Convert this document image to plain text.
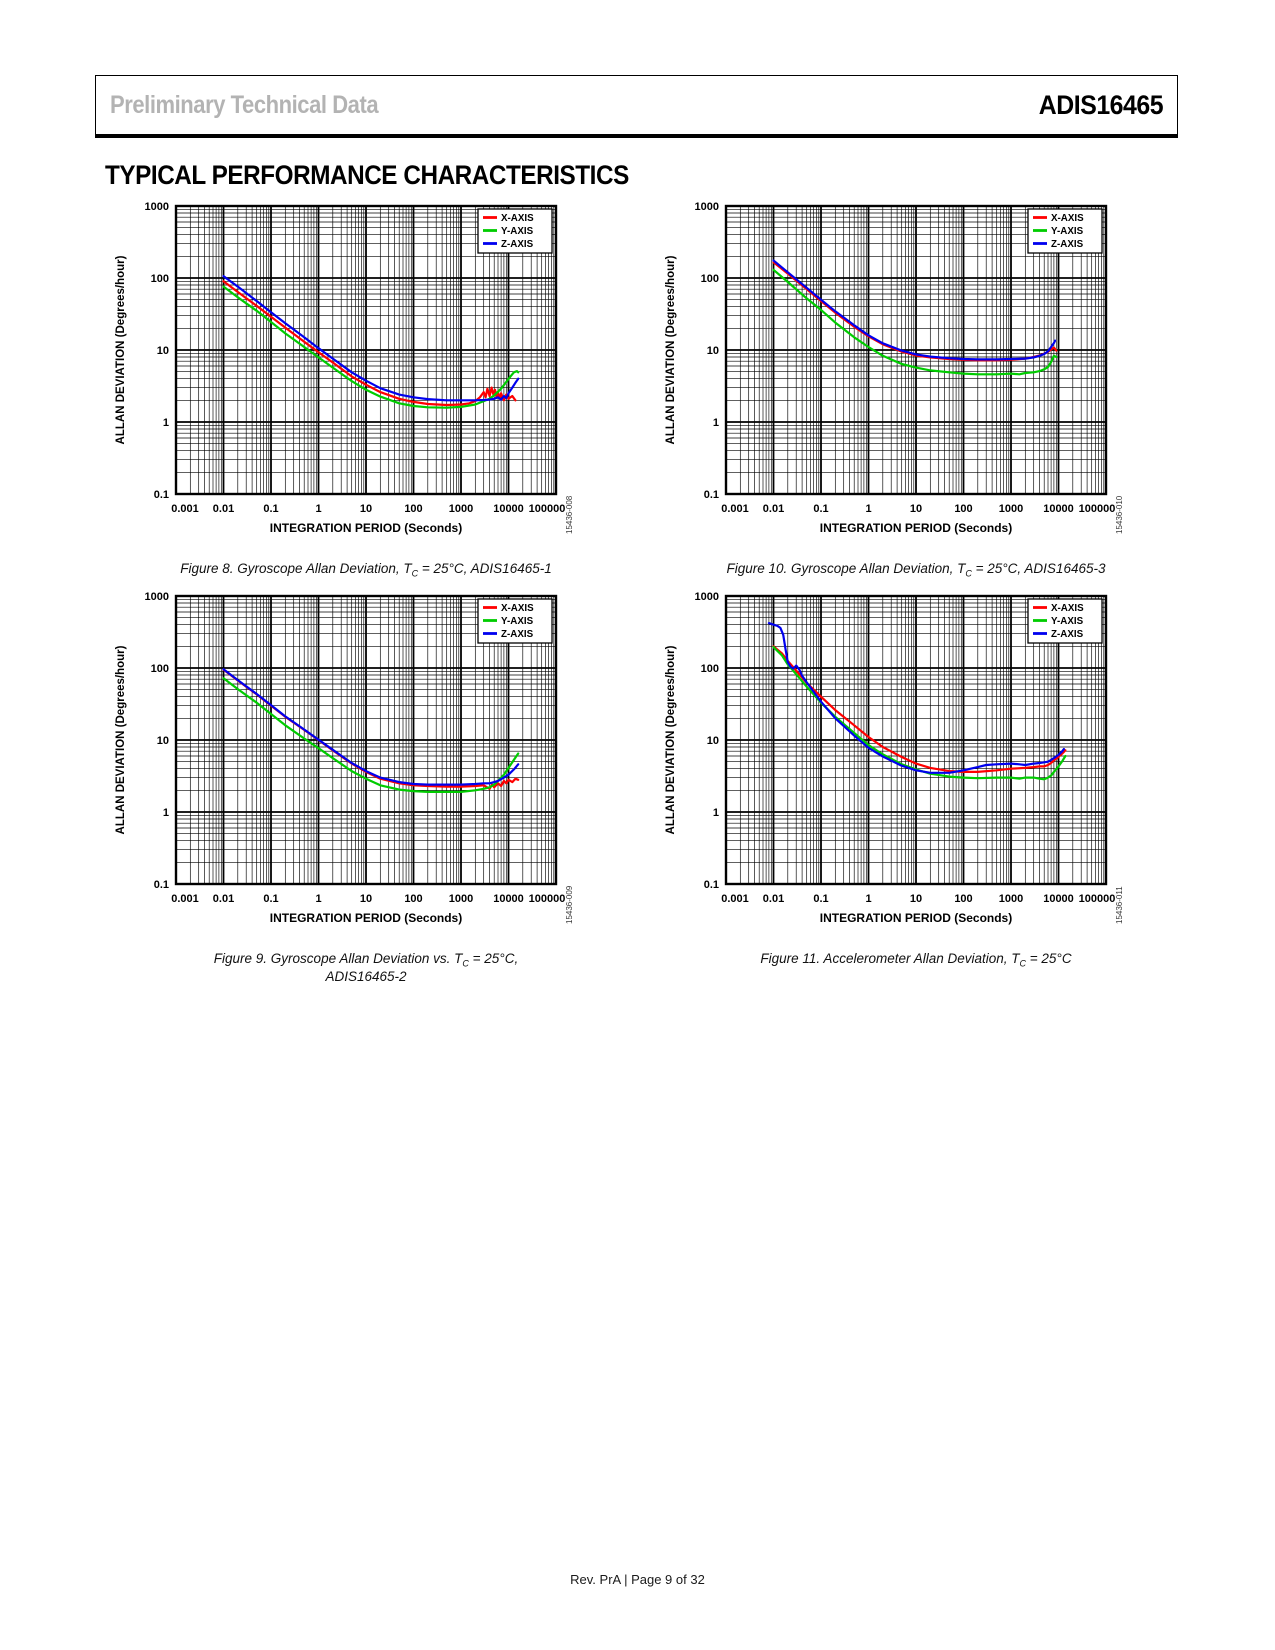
Preliminary Technical Data	ADIS16465
TYPICAL PERFORMANCE CHARACTERISTICS
1000
100
10
1
0.1
0.001 0.01	0.1	1	10	100 1000 10000 100000
INTEGRATION PERIOD (Seconds)
ALLAN DEVIATION (Degrees/hour)
X-AXIS
Y-AXIS
Z-AXIS
15436-008
Figure 8. Gyroscope Allan Deviation, $T_C = 25^\circ C$, ADIS16465-1
1000
100
10
1
0.1
0.001 0.01	0.1	1	10	100 1000 10000 100000
INTEGRATION PERIOD (Seconds)
ALLAN DEVIATION (Degrees/hour)
X-AXIS
Y-AXIS
Z-AXIS
15436-010
Figure 10. Gyroscope Allan Deviation, $T_C = 25^\circ C$, ADIS16465-3
1000
100
10
1
0.1
0.001 0.01	0.1	1	10	100 1000 10000 100000
INTEGRATION PERIOD (Seconds)
ALLAN DEVIATION (Degrees/hour)
X-AXIS
Y-AXIS
Z-AXIS
15436-009
Figure 9. Gyroscope Allan Deviation vs. $T_C = 25^\circ C$, ADIS16465-2
1000
100
10
1
0.1
0.001 0.01	0.1	1	10	100 1000 10000 100000
INTEGRATION PERIOD (Seconds)
ALLAN DEVIATION (Degrees/hour)
X-AXIS
Y-AXIS
Z-AXIS
15436-011
Figure 11. Accelerometer Allan Deviation, $T_C = 25^\circ C$
Rev. PrA | Page 9 of 32
